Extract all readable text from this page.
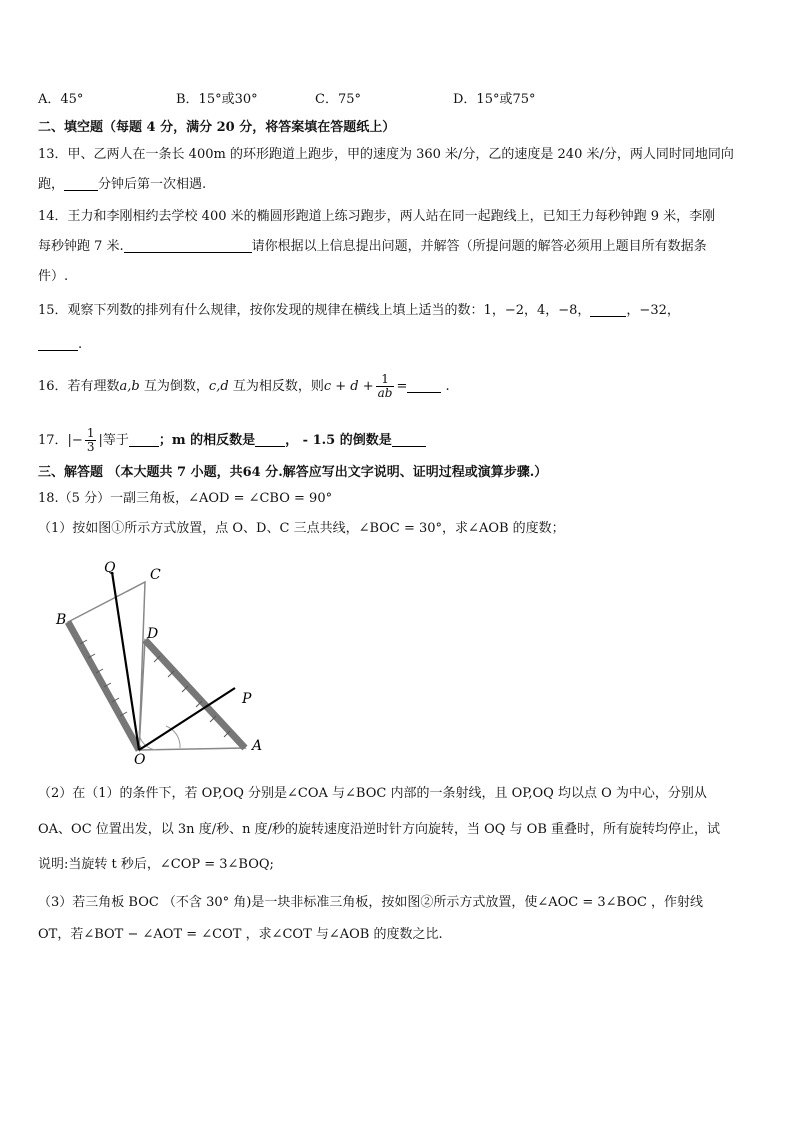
A．45°	B．15°或30°	C．75°	D．15°或75°
二、填空题（每题 4 分，满分 20 分，将答案填在答题纸上）
13．甲、乙两人在一条长 400m 的环形跑道上跑步，甲的速度为 360 米/分，乙的速度是 240 米/分，两人同时同地同向
跑，	分钟后第一次相遇.
14．王力和李刚相约去学校 400 米的椭圆形跑道上练习跑步，两人站在同一起跑线上，已知王力每秒钟跑 9 米，李刚
每秒钟跑 7 米.	请你根据以上信息提出问题，并解答（所提问题的解答必须用上题目所有数据条
件）.
15．观察下列数的排列有什么规律，按你发现的规律在横线上填上适当的数：1，−2，4，−8，	，−32，
.
16．若有理数a,b 互为倒数，c,d 互为相反数，则$c + d + \frac{1}{ab}$ =	.
17．|− $\frac{1}{3}$ |等于 ；m 的相反数是 ， - 1.5 的倒数是
三、解答题 （本大题共 7 小题，共64 分.解答应写出文字说明、证明过程或演算步骤.）
18.（5 分）一副三角板，∠AOD = ∠CBO = 90°
（1）按如图①所示方式放置，点 O、D、C 三点共线，∠BOC = 30°，求∠AOB 的度数；
Q C
B
D
P
O
A
（2）在（1）的条件下，若 OP,OQ 分别是∠COA 与∠BOC 内部的一条射线，且 OP,OQ 均以点 O 为中心，分别从
OA、OC 位置出发，以 3n 度/秒、n 度/秒的旋转速度沿逆时针方向旋转，当 OQ 与 OB 重叠时，所有旋转均停止，试
说明:当旋转 t 秒后，∠COP = 3∠BOQ;
（3）若三角板 BOC （不含 30° 角)是一块非标准三角板，按如图②所示方式放置，使∠AOC = 3∠BOC ，作射线
OT，若∠BOT − ∠AOT = ∠COT ，求∠COT 与∠AOB 的度数之比.
